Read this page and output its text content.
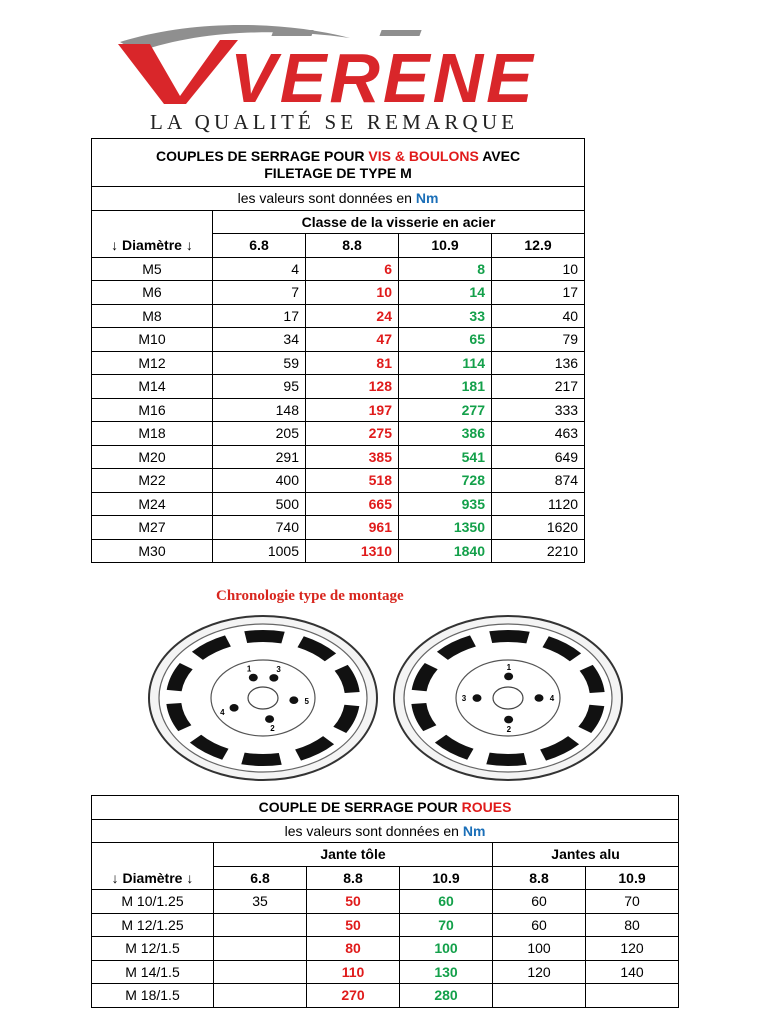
VERENE
LA QUALITÉ SE REMARQUE
COUPLES DE SERRAGE POUR VIS & BOULONS AVEC
FILETAGE DE TYPE M				
les valeurs sont données en Nm				
	Classe de la visserie en acier			
↓ Diamètre ↓	6.8	8.8	10.9	12.9
M5	4	6	8	10
M6	7	10	14	17
M8	17	24	33	40
M10	34	47	65	79
M12	59	81	114	136
M14	95	128	181	217
M16	148	197	277	333
M18	205	275	386	463
M20	291	385	541	649
M22	400	518	728	874
M24	500	665	935	1120
M27	740	961	1350	1620
M30	1005	1310	1840	2210
Chronologie type de montage
1
2
3
4
5
1
2
3	4
COUPLE DE SERRAGE POUR ROUES					
les valeurs sont données en Nm					
	Jante tôle			Jantes alu	
↓ Diamètre ↓	6.8	8.8	10.9	8.8	10.9
M 10/1.25	35	50	60	60	70
M 12/1.25		50	70	60	80
M 12/1.5		80	100	100	120
M 14/1.5		110	130	120	140
M 18/1.5		270	280		
